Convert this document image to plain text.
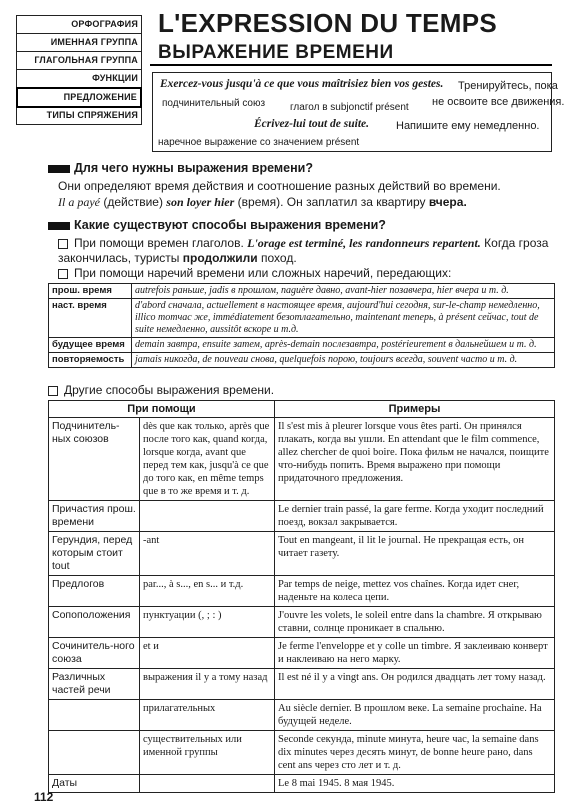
ОРФОГРАФИЯ
ИМЕННАЯ ГРУППА
ГЛАГОЛЬНАЯ ГРУППА
ФУНКЦИИ
ПРЕДЛОЖЕНИЕ
ТИПЫ СПРЯЖЕНИЯ
L'EXPRESSION DU TEMPS
ВЫРАЖЕНИЕ ВРЕМЕНИ
Exercez-vous jusqu'à ce que vous maîtrisiez bien vos gestes. Тренируйтесь, пока
подчинительный союз глагол в subjonctif présent не освоите все движения.
Écrivez-lui tout de suite. Напишите ему немедленно.
наречное выражение со значением présent
Для чего нужны выражения времени?
Они определяют время действия и соотношение разных действий во времени.
Il a payé (действие) son loyer hier (время). Он заплатил за квартиру вчера.
Какие существуют способы выражения времени?
При помощи времен глаголов. L'orage est terminé, les randonneurs repartent. Когда гроза закончилась, туристы продолжили поход.
При помощи наречий времени или сложных наречий, передающих:
прош. время	autrefois раньше, jadis в прошлом, naguère давно, avant-hier позавчера, hier вчера и т. д.
наст. время	d'abord сначала, actuellement в настоящее время, aujourd'hui сегодня, sur-le-champ немедленно, illico тотчас же, immédiatement безотлагательно, maintenant теперь, à présent сейчас, tout de suite немедленно, aussitôt вскоре и т.д.
будущее время	demain завтра, ensuite затем, après-demain послезавтра, postérieurement в дальнейшем и т. д.
повторяемость	jamais никогда, de nouveau снова, quelquefois порою, toujours всегда, souvent часто и т. д.
Другие способы выражения времени.
При помощи		Примеры
Подчинитель-ных союзов	dès que как только, après que после того как, quand когда, lorsque когда, avant que перед тем как, jusqu'à ce que до того как, en même temps que в то же время и т. д.	Il s'est mis à pleurer lorsque vous êtes parti. Он принялся плакать, когда вы ушли. En attendant que le film commence, allez chercher de quoi boire. Пока фильм не начался, поищите что-нибудь попить. Время выражено при помощи придаточного предложения.
Причастия прош. времени		Le dernier train passé, la gare ferme. Когда уходит последний поезд, вокзал закрывается.
Герундия, перед которым стоит tout	-ant	Tout en mangeant, il lit le journal. Не прекращая есть, он читает газету.
Предлогов	par..., à s..., en s... и т.д.	Par temps de neige, mettez vos chaînes. Когда идет снег, наденьте на колеса цепи.
Сопоположения	пунктуации (, ; : )	J'ouvre les volets, le soleil entre dans la chambre. Я открываю ставни, солнце проникает в спальню.
Сочинитель-ного союза	et и	Je ferme l'enveloppe et y colle un timbre. Я заклеиваю конверт и наклеиваю на него марку.
Различных частей речи	выражения il y a тому назад	Il est né il y a vingt ans. Он родился двадцать лет тому назад.
	прилагательных	Au siècle dernier. В прошлом веке. La semaine prochaine. На будущей неделе.
	существительных или именной группы	Seconde секунда, minute минута, heure час, la semaine dans dix minutes через десять минут, de bonne heure рано, dans cent ans через сто лет и т. д.
Даты		Le 8 mai 1945. 8 мая 1945.
112
